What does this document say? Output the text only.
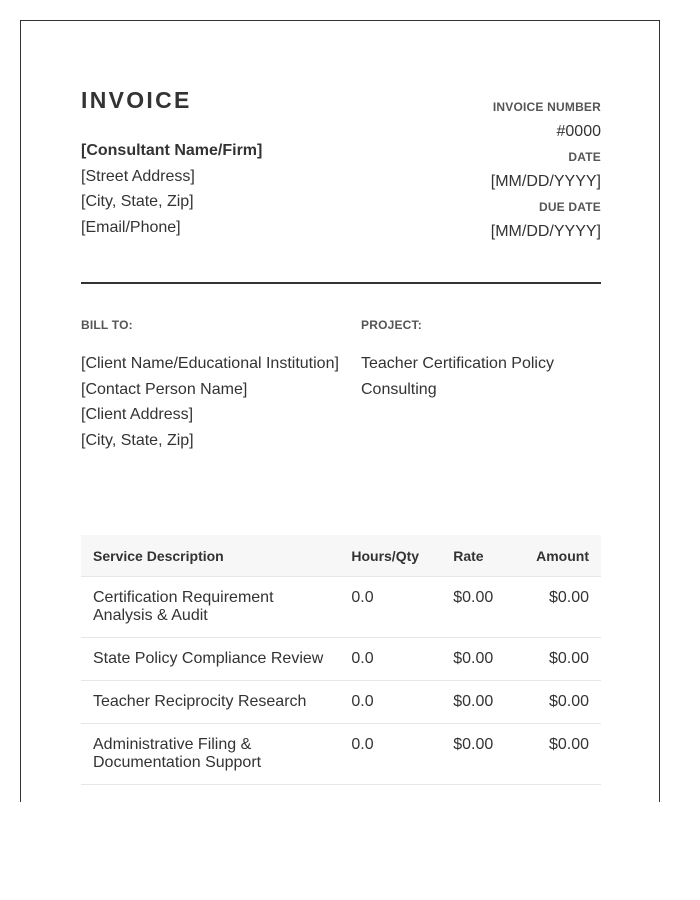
INVOICE
[Consultant Name/Firm]
[Street Address]
[City, State, Zip]
[Email/Phone]
INVOICE NUMBER
#0000
DATE
[MM/DD/YYYY]
DUE DATE
[MM/DD/YYYY]
BILL TO:
[Client Name/Educational Institution]
[Contact Person Name]
[Client Address]
[City, State, Zip]
PROJECT:
Teacher Certification Policy Consulting
Service Description	Hours/Qty	Rate	Amount
Certification Requirement Analysis & Audit	0.0	$0.00	$0.00
State Policy Compliance Review	0.0	$0.00	$0.00
Teacher Reciprocity Research	0.0	$0.00	$0.00
Administrative Filing & Documentation Support	0.0	$0.00	$0.00
